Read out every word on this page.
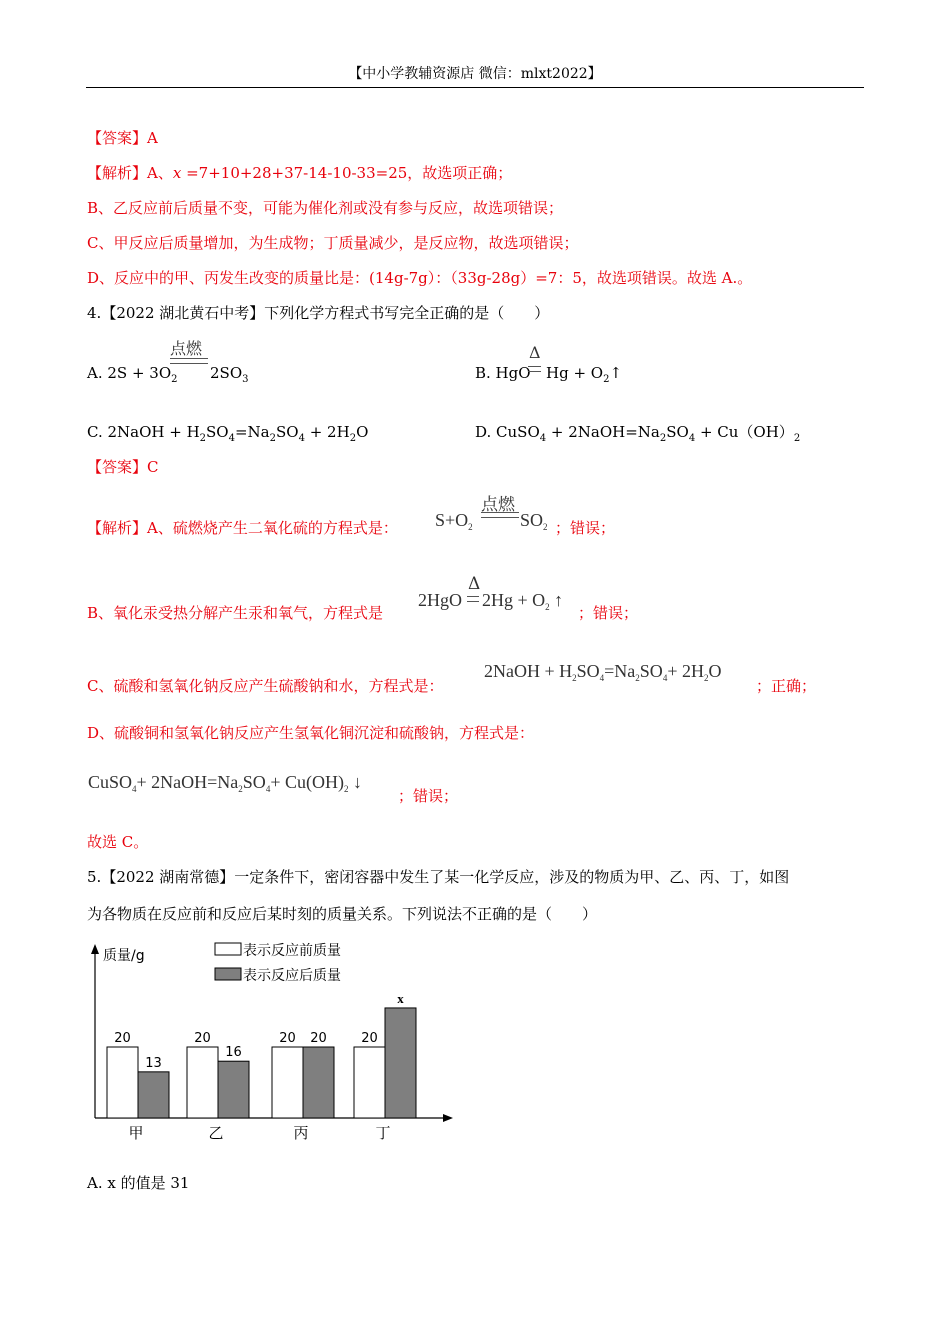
【中小学教辅资源店 微信：mlxt2022】
【答案】A
【解析】A、x =7+10+28+37-14-10-33=25，故选项正确；
B、乙反应前后质量不变，可能为催化剂或没有参与反应，故选项错误；
C、甲反应后质量增加，为生成物；丁质量减少，是反应物，故选项错误；
D、反应中的甲、丙发生改变的质量比是：(14g-7g）：（33g-28g）=7：5，故选项错误。故选 A.。
4.【2022 湖北黄石中考】下列化学方程式书写完全正确的是（　　）
A. $2S + 3O_2$
点燃
$2SO_3$	B. HgO
Δ
$Hg + O_2↑$
C. 2NaOH + $H_2SO_4=Na_2SO_4 + 2H_2O$	D. CuSO$_4$ + $2NaOH=Na_2SO_4 + Cu(OH)_2$
【答案】C
【解析】A、硫燃烧产生二氧化硫的方程式是： $S+O_2$
点燃
$SO_2$ ；错误；
B、氧化汞受热分解产生汞和氧气，方程式是
2HgO
Δ
$2Hg + O_2$ ↑
；错误；
C、硫酸和氢氧化钠反应产生硫酸钠和水，方程式是：
2NaOH + $H_2SO_4=Na_2SO_4+ 2H_2O$
；正确；
D、硫酸铜和氢氧化钠反应产生氢氧化铜沉淀和硫酸钠，方程式是：
CuSO$_4$+ $2NaOH=Na_2SO_4+ Cu(OH)_2$ ↓
；错误；
故选 C。
5.【2022 湖南常德】一定条件下，密闭容器中发生了某一化学反应，涉及的物质为甲、乙、丙、丁，如图
为各物质在反应前和反应后某时刻的质量关系。下列说法不正确的是（　　）
质量/g	表示反应前质量
表示反应后质量
20
13
甲
20
16
乙
20 20
丙
20
x
丁
A. x 的值是 31
